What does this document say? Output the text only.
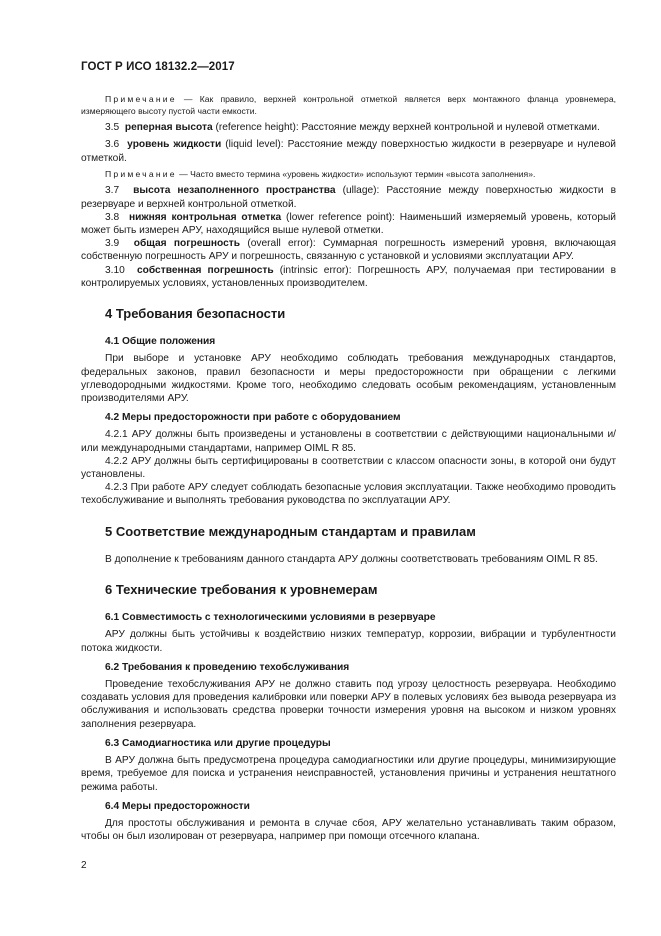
ГОСТ Р ИСО 18132.2—2017

Примечание — Как правило, верхней контрольной отметкой является верх монтажного фланца уровнемера, измеряющего высоту пустой части емкости.

3.5 реперная высота (reference height): Расстояние между верхней контрольной и нулевой отметками.

3.6 уровень жидкости (liquid level): Расстояние между поверхностью жидкости в резервуаре и нулевой отметкой.

Примечание — Часто вместо термина «уровень жидкости» используют термин «высота заполнения».

3.7 высота незаполненного пространства (ullage): Расстояние между поверхностью жидкости в резервуаре и верхней контрольной отметкой.

3.8 нижняя контрольная отметка (lower reference point): Наименьший измеряемый уровень, который может быть измерен АРУ, находящийся выше нулевой отметки.

3.9 общая погрешность (overall error): Суммарная погрешность измерений уровня, включающая собственную погрешность АРУ и погрешность, связанную с установкой и условиями эксплуатации АРУ.

3.10 собственная погрешность (intrinsic error): Погрешность АРУ, получаемая при тестировании в контролируемых условиях, установленных производителем.

4 Требования безопасности
4.1 Общие положения

При выборе и установке АРУ необходимо соблюдать требования международных стандартов, федеральных законов, правил безопасности и меры предосторожности при обращении с легкими углеводородными жидкостями. Кроме того, необходимо следовать особым рекомендациям, установленным производителями АРУ.

4.2 Меры предосторожности при работе с оборудованием

4.2.1 АРУ должны быть произведены и установлены в соответствии с действующими национальными и/или международными стандартами, например OIML R 85.

4.2.2 АРУ должны быть сертифицированы в соответствии с классом опасности зоны, в которой они будут установлены.

4.2.3 При работе АРУ следует соблюдать безопасные условия эксплуатации. Также необходимо проводить техобслуживание и выполнять требования руководства по эксплуатации АРУ.

5 Соответствие международным стандартам и правилам

В дополнение к требованиям данного стандарта АРУ должны соответствовать требованиям OIML R 85.

6 Технические требования к уровнемерам
6.1 Совместимость с технологическими условиями в резервуаре

АРУ должны быть устойчивы к воздействию низких температур, коррозии, вибрации и турбулентности потока жидкости.

6.2 Требования к проведению техобслуживания

Проведение техобслуживания АРУ не должно ставить под угрозу целостность резервуара. Необходимо создавать условия для проведения калибровки или поверки АРУ в полевых условиях без вывода резервуара из обслуживания и использовать средства проверки точности измерения уровня на высоком и низком уровнях заполнения резервуара.

6.3 Самодиагностика или другие процедуры

В АРУ должна быть предусмотрена процедура самодиагностики или другие процедуры, минимизирующие время, требуемое для поиска и устранения неисправностей, установления причины и устранения нештатного режима работы.

6.4 Меры предосторожности

Для простоты обслуживания и ремонта в случае сбоя, АРУ желательно устанавливать таким образом, чтобы он был изолирован от резервуара, например при помощи отсечного клапана.

2
